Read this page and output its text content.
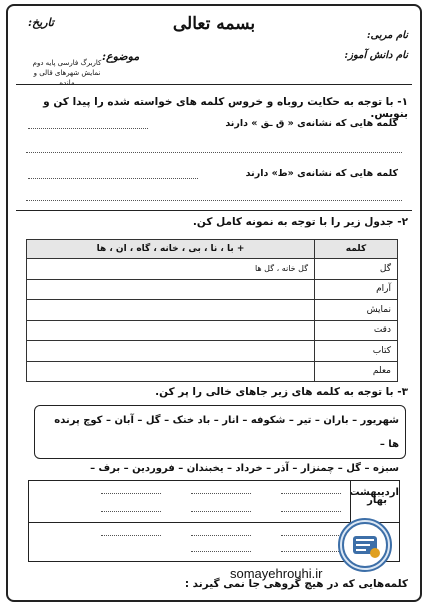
بسمه تعالی
تاریخ:
نام مربی:
نام دانش آموز:
موضوع:
کاربرگ فارسی پایه دوم نمایش شهرهای قالی و مانده
۱- با توجه به حکایت روباه و خروس کلمه های خواسته شده را پیدا کن و بنویس.
کلمه هایی که نشانه‌ی « ق ـق » دارند
کلمه هایی که نشانه‌ی «ط» دارند
۲- جدول زیر را با توجه به نمونه کامل کن.
کلمه	+ با ، نا ، بی ، خانه ، گاه ، ان ، ها
گل	گل خانه ، گل ها
آرام	
نمایش	
دقت	
کتاب	
معلم	
۳- با توجه به کلمه های زیر جاهای خالی را پر کن.
شهریور – باران – تیر – شکوفه – انار – باد خنک – گل – آبان – کوچ پرنده ها –
سبزه – گل – چمنزار – آذر – خرداد – یخبندان – فروردین – برف – اردیبهشت
بهار
کلمه‌هایی که در هیچ گروهی جا نمی گیرند :
somayehrouhi.ir
